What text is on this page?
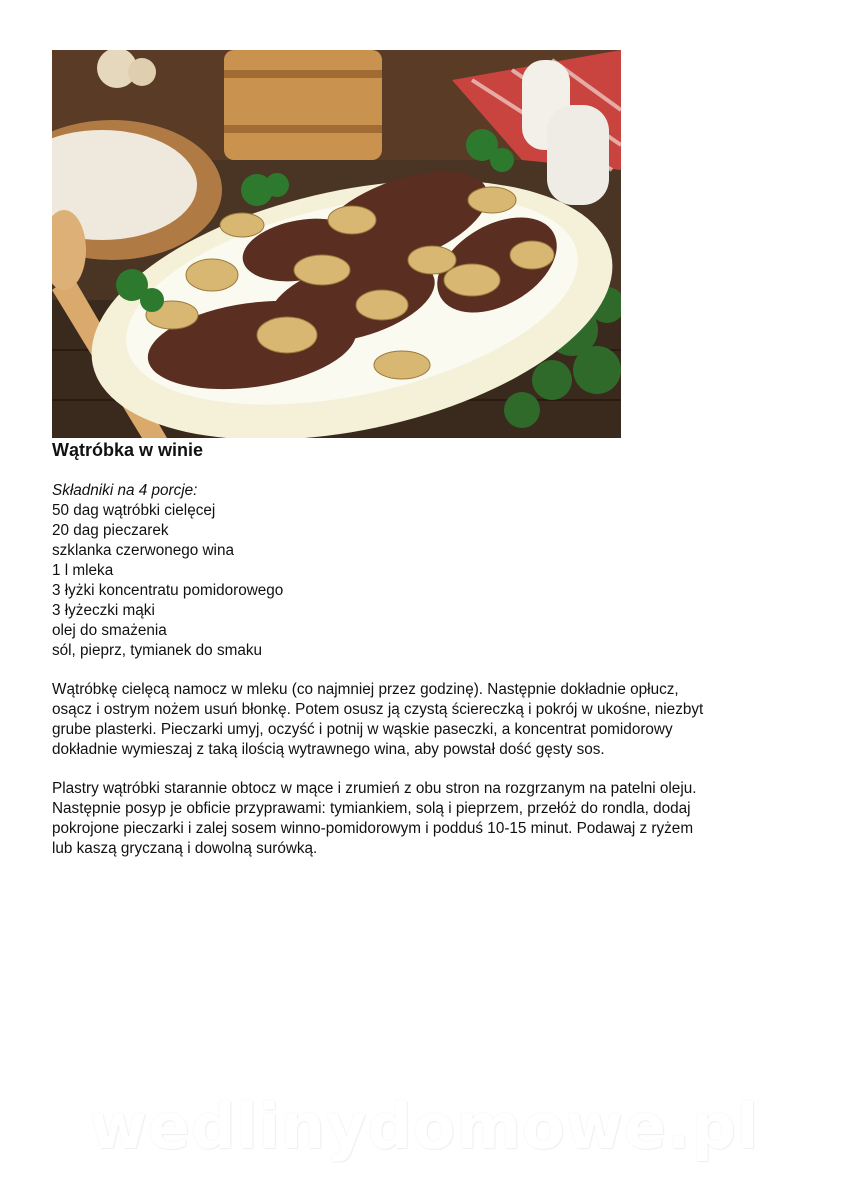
Wątróbka w winie
Składniki na 4 porcje:
50 dag wątróbki cielęcej
20 dag pieczarek
szklanka czerwonego wina
1 l mleka
3 łyżki koncentratu pomidorowego
3 łyżeczki mąki
olej do smażenia
sól, pieprz, tymianek do smaku
Wątróbkę cielęcą namocz w mleku (co najmniej przez godzinę). Następnie dokładnie opłucz,
osącz i ostrym nożem usuń błonkę. Potem osusz ją czystą ściereczką i pokrój w ukośne, niezbyt
grube plasterki. Pieczarki umyj, oczyść i potnij w wąskie paseczki, a koncentrat pomidorowy
dokładnie wymieszaj z taką ilością wytrawnego wina, aby powstał dość gęsty sos.
Plastry wątróbki starannie obtocz w mące i zrumień z obu stron na rozgrzanym na patelni oleju.
Następnie posyp je obficie przyprawami: tymiankiem, solą i pieprzem, przełóż do rondla, dodaj
pokrojone pieczarki i zalej sosem winno-pomidorowym i podduś 10-15 minut. Podawaj z ryżem
lub kaszą gryczaną i dowolną surówką.
wedlinydomowe.pl
